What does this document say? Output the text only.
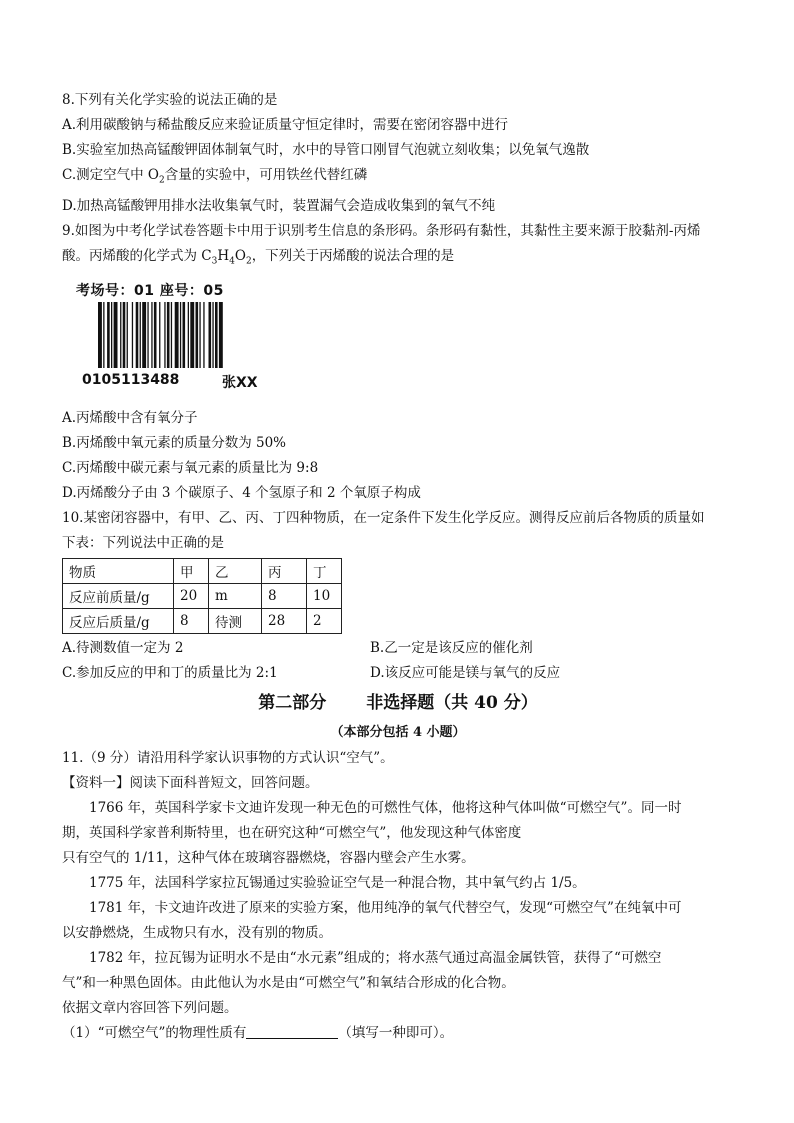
8.下列有关化学实验的说法正确的是
A.利用碳酸钠与稀盐酸反应来验证质量守恒定律时，需要在密闭容器中进行
B.实验室加热高锰酸钾固体制氧气时，水中的导管口刚冒气泡就立刻收集；以免氧气逸散
C.测定空气中 $O_2$含量的实验中，可用铁丝代替红磷
D.加热高锰酸钾用排水法收集氧气时，装置漏气会造成收集到的氧气不纯
9.如图为中考化学试卷答题卡中用于识别考生信息的条形码。条形码有黏性，其黏性主要来源于胶黏剂-丙烯
酸。丙烯酸的化学式为 $C_3H_4O_2$，下列关于丙烯酸的说法合理的是
考场号：01 座号：05
0105113488	张XX
A.丙烯酸中含有氧分子
B.丙烯酸中氧元素的质量分数为 50%
C.丙烯酸中碳元素与氧元素的质量比为 9:8
D.丙烯酸分子由 3 个碳原子、4 个氢原子和 2 个氧原子构成
10.某密闭容器中，有甲、乙、丙、丁四种物质，在一定条件下发生化学反应。测得反应前后各物质的质量如
下表：下列说法中正确的是
物质	甲	乙	丙	丁
反应前质量/g	20	m	8	10
反应后质量/g	8	待测	28	2
A.待测数值一定为 2	B.乙一定是该反应的催化剂
C.参加反应的甲和丁的质量比为 2:1	D.该反应可能是镁与氧气的反应
第二部分 非选择题（共 40 分）
（本部分包括 4 小题）
11.（9 分）请沿用科学家认识事物的方式认识“空气”。
【资料一】阅读下面科普短文，回答问题。
1766 年，英国科学家卡文迪许发现一种无色的可燃性气体，他将这种气体叫做“可燃空气”。同一时
期，英国科学家普利斯特里，也在研究这种“可燃空气”，他发现这种气体密度
只有空气的 1/11，这种气体在玻璃容器燃烧，容器内壁会产生水雾。
1775 年，法国科学家拉瓦锡通过实验验证空气是一种混合物，其中氧气约占 1/5。
1781 年，卡文迪许改进了原来的实验方案，他用纯净的氧气代替空气，发现“可燃空气”在纯氧中可
以安静燃烧，生成物只有水，没有别的物质。
1782 年，拉瓦锡为证明水不是由“水元素”组成的；将水蒸气通过高温金属铁管，获得了“可燃空
气”和一种黑色固体。由此他认为水是由“可燃空气”和氧结合形成的化合物。
依据文章内容回答下列问题。
（1）“可燃空气”的物理性质有	（填写一种即可）。
